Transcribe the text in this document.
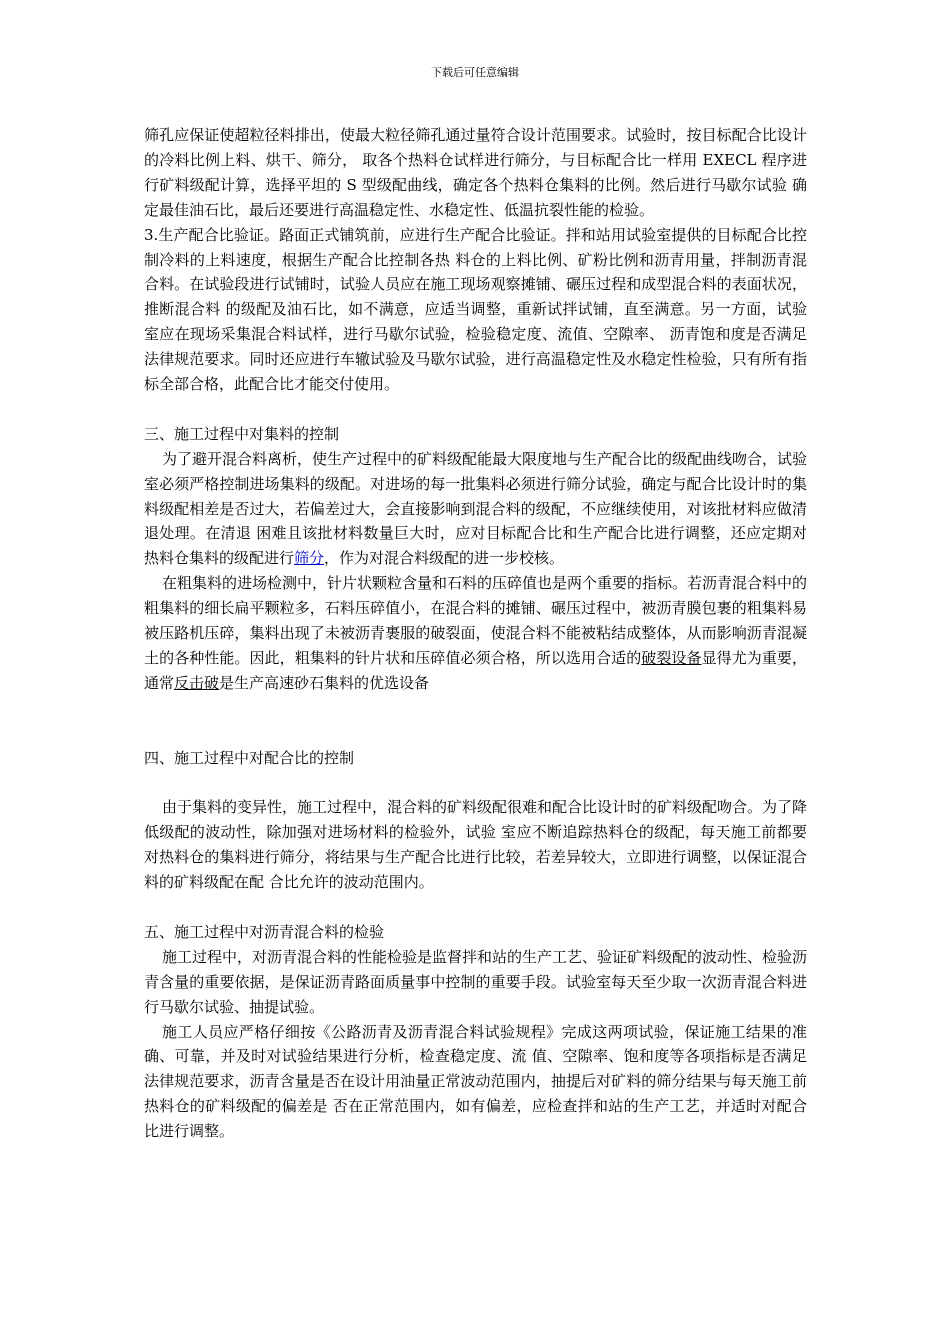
下载后可任意编辑

筛孔应保证使超粒径料排出，使最大粒径筛孔通过量符合设计范围要求。试验时，按目标配合比设计的冷料比例上料、烘干、筛分， 取各个热料仓试样进行筛分，与目标配合比一样用 EXECL 程序进行矿料级配计算，选择平坦的 S 型级配曲线，确定各个热料仓集料的比例。然后进行马歇尔试验 确定最佳油石比，最后还要进行高温稳定性、水稳定性、低温抗裂性能的检验。

3.生产配合比验证。路面正式铺筑前，应进行生产配合比验证。拌和站用试验室提供的目标配合比控制冷料的上料速度，根据生产配合比控制各热 料仓的上料比例、矿粉比例和沥青用量，拌制沥青混合料。在试验段进行试铺时，试验人员应在施工现场观察摊铺、碾压过程和成型混合料的表面状况，推断混合料 的级配及油石比，如不满意，应适当调整，重新试拌试铺，直至满意。另一方面，试验室应在现场采集混合料试样，进行马歇尔试验，检验稳定度、流值、空隙率、 沥青饱和度是否满足法律规范要求。同时还应进行车辙试验及马歇尔试验，进行高温稳定性及水稳定性检验，只有所有指标全部合格，此配合比才能交付使用。

三、施工过程中对集料的控制

为了避开混合料离析，使生产过程中的矿料级配能最大限度地与生产配合比的级配曲线吻合，试验室必须严格控制进场集料的级配。对进场的每一批集料必须进行筛分试验，确定与配合比设计时的集料级配相差是否过大，若偏差过大，会直接影响到混合料的级配，不应继续使用，对该批材料应做清退处理。在清退 困难且该批材料数量巨大时，应对目标配合比和生产配合比进行调整，还应定期对热料仓集料的级配进行筛分，作为对混合料级配的进一步校核。

在粗集料的进场检测中，针片状颗粒含量和石料的压碎值也是两个重要的指标。若沥青混合料中的粗集料的细长扁平颗粒多，石料压碎值小，在混合料的摊铺、碾压过程中，被沥青膜包裹的粗集料易被压路机压碎，集料出现了未被沥青裹服的破裂面，使混合料不能被粘结成整体，从而影响沥青混凝土的各种性能。因此，粗集料的针片状和压碎值必须合格，所以选用合适的破裂设备显得尤为重要，通常反击破是生产高速砂石集料的优选设备

四、施工过程中对配合比的控制

由于集料的变异性，施工过程中，混合料的矿料级配很难和配合比设计时的矿料级配吻合。为了降低级配的波动性，除加强对进场材料的检验外，试验 室应不断追踪热料仓的级配，每天施工前都要对热料仓的集料进行筛分，将结果与生产配合比进行比较，若差异较大，立即进行调整，以保证混合料的矿料级配在配 合比允许的波动范围内。

五、施工过程中对沥青混合料的检验

施工过程中，对沥青混合料的性能检验是监督拌和站的生产工艺、验证矿料级配的波动性、检验沥青含量的重要依据，是保证沥青路面质量事中控制的重要手段。试验室每天至少取一次沥青混合料进行马歇尔试验、抽提试验。

施工人员应严格仔细按《公路沥青及沥青混合料试验规程》完成这两项试验，保证施工结果的准确、可靠，并及时对试验结果进行分析，检查稳定度、流 值、空隙率、饱和度等各项指标是否满足法律规范要求，沥青含量是否在设计用油量正常波动范围内，抽提后对矿料的筛分结果与每天施工前热料仓的矿料级配的偏差是 否在正常范围内，如有偏差，应检查拌和站的生产工艺，并适时对配合比进行调整。
